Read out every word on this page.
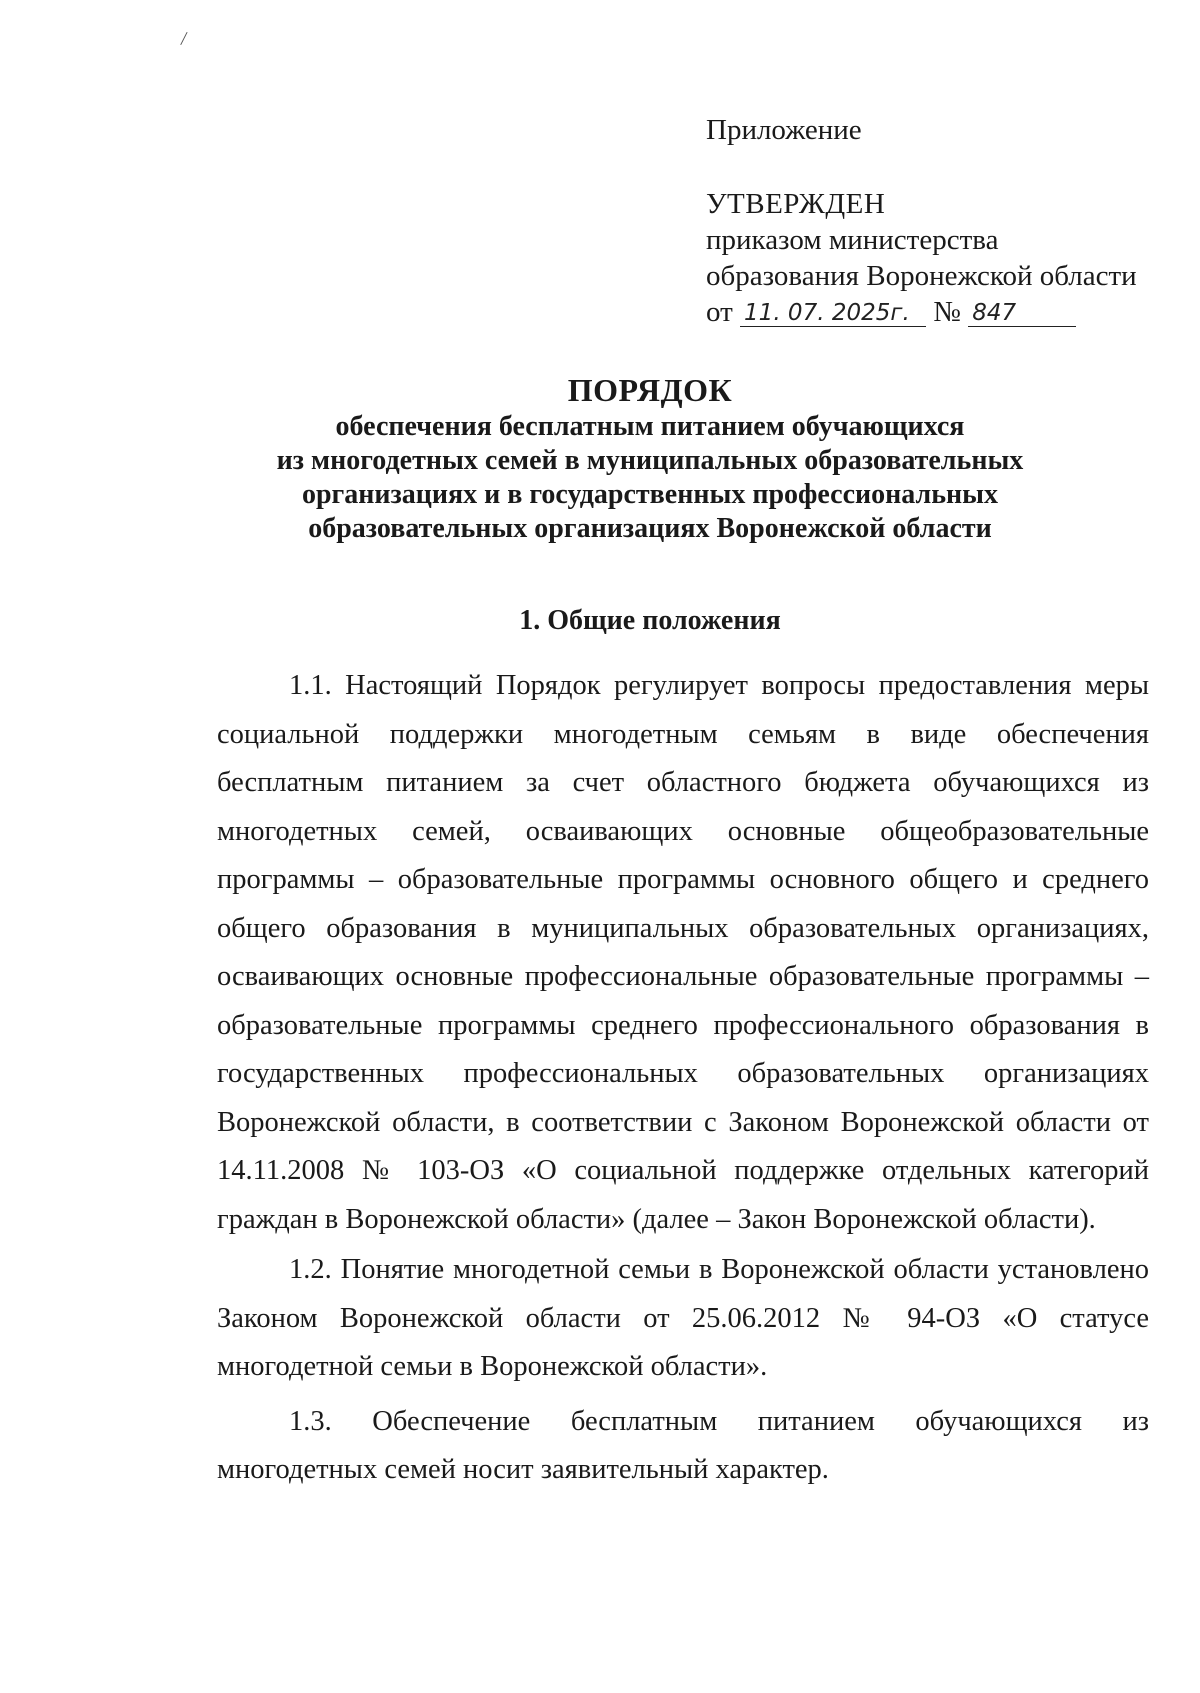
/
Приложение
УТВЕРЖДЕН
приказом министерства
образования Воронежской области
от 11. 07. 2025г. № 847
ПОРЯДОК
обеспечения бесплатным питанием обучающихся
из многодетных семей в муниципальных образовательных
организациях и в государственных профессиональных
образовательных организациях Воронежской области
1. Общие положения

1.1. Настоящий Порядок регулирует вопросы предоставления меры социальной поддержки многодетным семьям в виде обеспечения бесплатным питанием за счет областного бюджета обучающихся из многодетных семей, осваивающих основные общеобразовательные программы – образовательные программы основного общего и среднего общего образования в муниципальных образовательных организациях, осваивающих основные профессиональные образовательные программы – образовательные программы среднего профессионального образования в государственных профессиональных образовательных организациях Воронежской области, в соответствии с Законом Воронежской области от 14.11.2008 № 103-ОЗ «О социальной поддержке отдельных категорий граждан в Воронежской области» (далее – Закон Воронежской области).

1.2. Понятие многодетной семьи в Воронежской области установлено Законом Воронежской области от 25.06.2012 № 94-ОЗ «О статусе многодетной семьи в Воронежской области».

1.3. Обеспечение бесплатным питанием обучающихся из многодетных семей носит заявительный характер.
